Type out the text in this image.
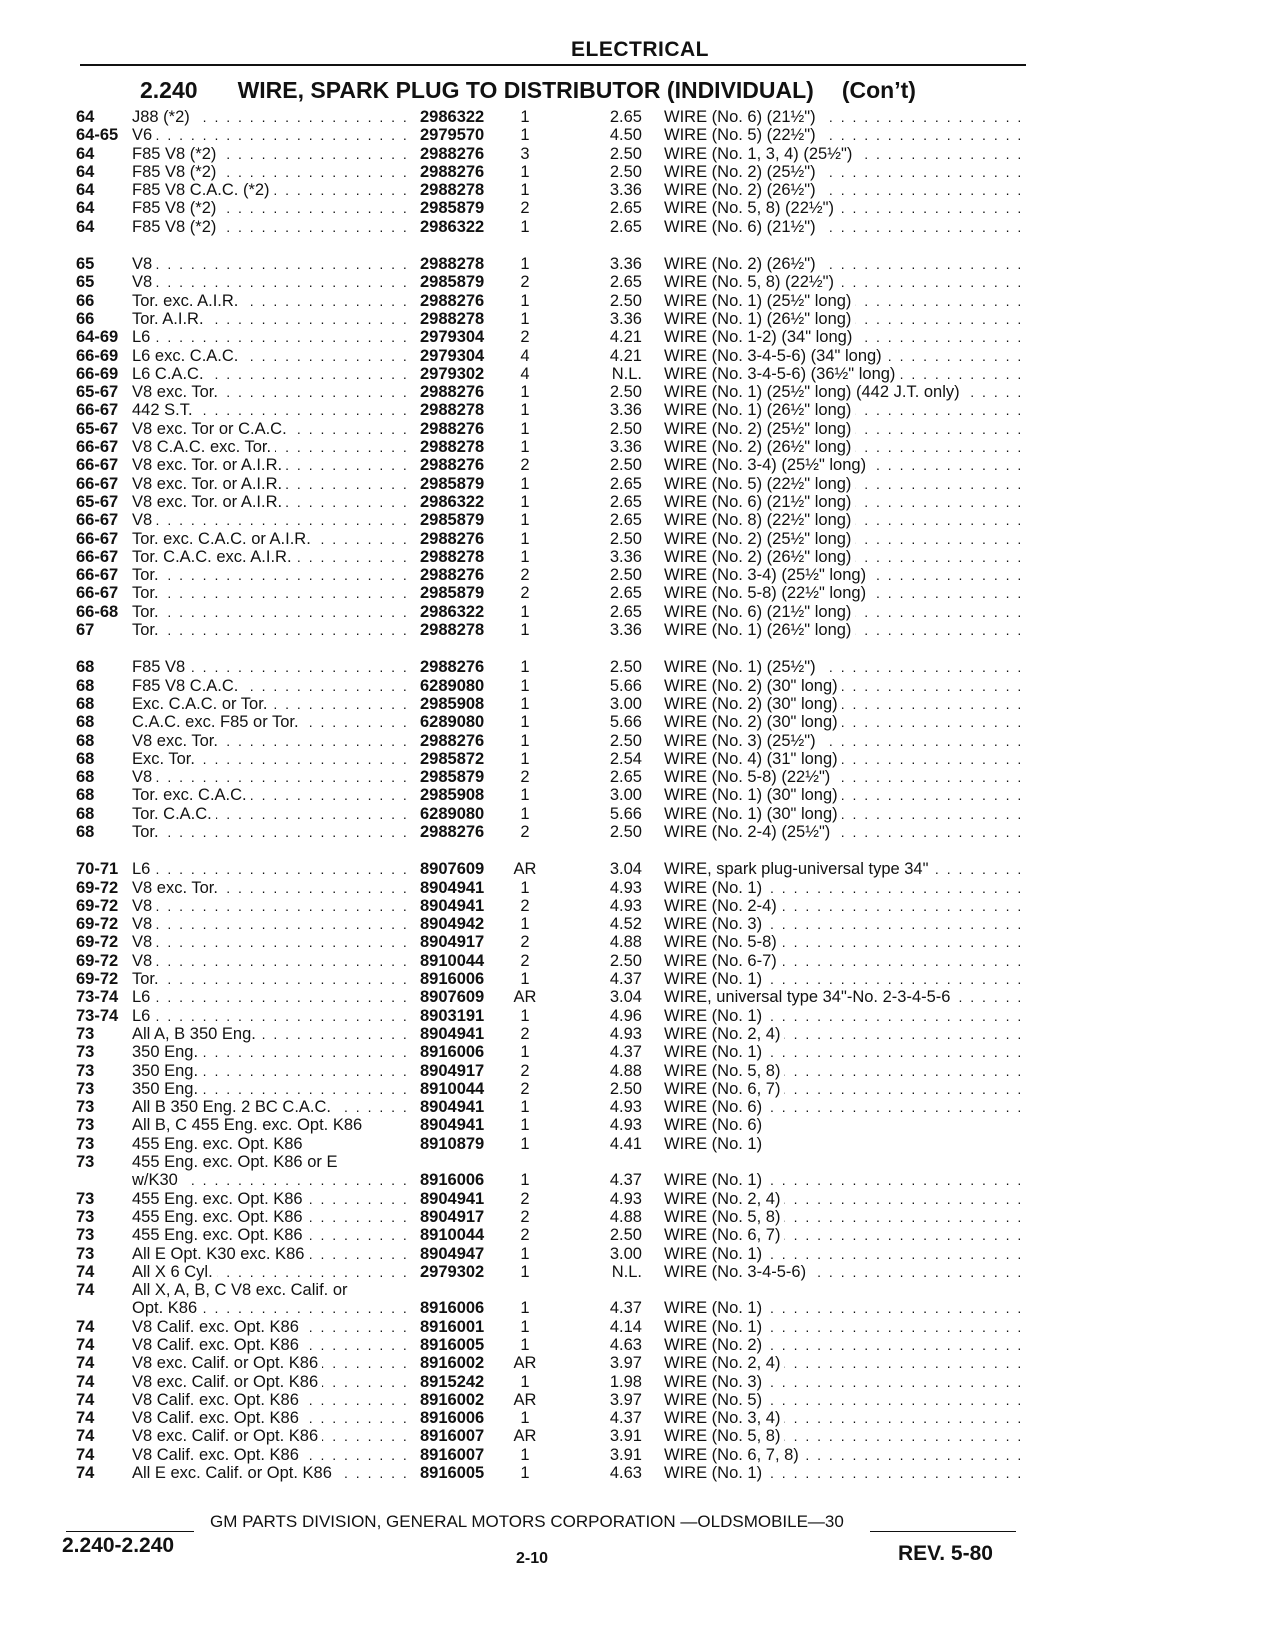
ELECTRICAL
2.240 WIRE, SPARK PLUG TO DISTRIBUTOR (INDIVIDUAL) (Con’t)
64 . . .	J88 (*2)	2986322	1	2.65 . . . WIRE (No. 6) (21½")
64-65 . . . V6	2979570	1	4.50 . . . WIRE (No. 5) (22½")
64 . . .	F85 V8 (*2)	2988276	3	2.50 . . . WIRE (No. 1, 3, 4) (25½")
64 . . .	F85 V8 (*2)	2988276	1	2.50 . . . WIRE (No. 2) (25½")
64 . . .	F85 V8 C.A.C. (*2)	2988278	1	3.36 . . . WIRE (No. 2) (26½")
64 . . .	F85 V8 (*2)	2985879	2	2.65 . . . WIRE (No. 5, 8) (22½")
64 . . .	F85 V8 (*2)	2986322	1	2.65 . . . WIRE (No. 6) (21½")
65 . . .	V8	2988278	1	3.36 . . . WIRE (No. 2) (26½")
65 . . .	V8	2985879	2	2.65 . . . WIRE (No. 5, 8) (22½")
66 . . .	Tor. exc. A.I.R.	2988276	1	2.50 . . . WIRE (No. 1) (25½" long)
66 . . .	Tor. A.I.R.	2988278	1	3.36 . . . WIRE (No. 1) (26½" long)
64-69 . . . L6	2979304	2	4.21 . . . WIRE (No. 1-2) (34" long)
66-69 . . . L6 exc. C.A.C.	2979304	4	4.21 . . . WIRE (No. 3-4-5-6) (34" long)
66-69 . . . L6 C.A.C.	2979302	4	N.L. . . . WIRE (No. 3-4-5-6) (36½" long)
65-67 . . . V8 exc. Tor.	2988276	1	2.50 . . . WIRE (No. 1) (25½" long) (442 J.T. only)
66-67 . . . 442 S.T.	2988278	1	3.36 . . . WIRE (No. 1) (26½" long)
65-67 . . . V8 exc. Tor or C.A.C.	2988276	1	2.50 . . . WIRE (No. 2) (25½" long)
66-67 . . . V8 C.A.C. exc. Tor.	2988278	1	3.36 . . . WIRE (No. 2) (26½" long)
66-67 . . . V8 exc. Tor. or A.I.R.	2988276	2	2.50 . . . WIRE (No. 3-4) (25½" long)
66-67 . . . V8 exc. Tor. or A.I.R.	2985879	1	2.65 . . . WIRE (No. 5) (22½" long)
65-67 . . . V8 exc. Tor. or A.I.R.	2986322	1	2.65 . . . WIRE (No. 6) (21½" long)
66-67 . . . V8	2985879	1	2.65 . . . WIRE (No. 8) (22½" long)
66-67 . . . Tor. exc. C.A.C. or A.I.R.	2988276	1	2.50 . . . WIRE (No. 2) (25½" long)
66-67 . . . Tor. C.A.C. exc. A.I.R.	2988278	1	3.36 . . . WIRE (No. 2) (26½" long)
66-67 . . . Tor.	2988276	2	2.50 . . . WIRE (No. 3-4) (25½" long)
66-67 . . . Tor.	2985879	2	2.65 . . . WIRE (No. 5-8) (22½" long)
66-68 . . . Tor.	2986322	1	2.65 . . . WIRE (No. 6) (21½" long)
67 . . .	Tor.	2988278	1	3.36 . . . WIRE (No. 1) (26½" long)
68 . . .	F85 V8	2988276	1	2.50 . . . WIRE (No. 1) (25½")
68 . . .	F85 V8 C.A.C.	6289080	1	5.66 . . . WIRE (No. 2) (30" long)
68 . . .	Exc. C.A.C. or Tor.	2985908	1	3.00 . . . WIRE (No. 2) (30" long)
68 . . .	C.A.C. exc. F85 or Tor.	6289080	1	5.66 . . . WIRE (No. 2) (30" long)
68 . . .	V8 exc. Tor.	2988276	1	2.50 . . . WIRE (No. 3) (25½")
68 . . .	Exc. Tor.	2985872	1	2.54 . . . WIRE (No. 4) (31" long)
68 . . .	V8	2985879	2	2.65 . . . WIRE (No. 5-8) (22½")
68 . . .	Tor. exc. C.A.C.	2985908	1	3.00 . . . WIRE (No. 1) (30" long)
68 . . .	Tor. C.A.C.	6289080	1	5.66 . . . WIRE (No. 1) (30" long)
68 . . .	Tor.	2988276	2	2.50 . . . WIRE (No. 2-4) (25½")
70-71 . . . L6	8907609	AR	3.04 . . . WIRE, spark plug-universal type 34"
69-72 . . . V8 exc. Tor.	8904941	1	4.93 . . . WIRE (No. 1)
69-72 . . . V8	8904941	2	4.93 . . . WIRE (No. 2-4)
69-72 . . . V8	8904942	1	4.52 . . . WIRE (No. 3)
69-72 . . . V8	8904917	2	4.88 . . . WIRE (No. 5-8)
69-72 . . . V8	8910044	2	2.50 . . . WIRE (No. 6-7)
69-72 . . . Tor.	8916006	1	4.37 . . . WIRE (No. 1)
73-74 . . . L6	8907609	AR	3.04 . . . WIRE, universal type 34"-No. 2-3-4-5-6
73-74 . . . L6	8903191	1	4.96 . . . WIRE (No. 1)
73 . . .	All A, B 350 Eng.	8904941	2	4.93 . . . WIRE (No. 2, 4)
73 . . .	350 Eng.	8916006	1	4.37 . . . WIRE (No. 1)
73 . . .	350 Eng.	8904917	2	4.88 . . . WIRE (No. 5, 8)
73 . . .	350 Eng.	8910044	2	2.50 . . . WIRE (No. 6, 7)
73 . . .	All B 350 Eng. 2 BC C.A.C.	8904941	1	4.93 . . . WIRE (No. 6)
73	All B, C 455 Eng. exc. Opt. K86	8904941	1	4.93 WIRE (No. 6)
73	455 Eng. exc. Opt. K86	8910879	1	4.41 WIRE (No. 1)
73	455 Eng. exc. Opt. K86 or E
. . .
w/K30	8916006	1	4.37 . . . WIRE (No. 1)
73 . . .	455 Eng. exc. Opt. K86	8904941	2	4.93 . . . WIRE (No. 2, 4)
73 . . .	455 Eng. exc. Opt. K86	8904917	2	4.88 . . . WIRE (No. 5, 8)
73 . . .	455 Eng. exc. Opt. K86	8910044	2	2.50 . . . WIRE (No. 6, 7)
73 . . .	All E Opt. K30 exc. K86	8904947	1	3.00 . . . WIRE (No. 1)
74 . . .	All X 6 Cyl.	2979302	1	N.L. . . . WIRE (No. 3-4-5-6)
74	All X, A, B, C V8 exc. Calif. or
. . .
Opt. K86	8916006	1	4.37 . . . WIRE (No. 1)
74 . . .	V8 Calif. exc. Opt. K86	8916001	1	4.14 . . . WIRE (No. 1)
74 . . .	V8 Calif. exc. Opt. K86	8916005	1	4.63 . . . WIRE (No. 2)
74 . . .	V8 exc. Calif. or Opt. K86	8916002	AR	3.97 . . . WIRE (No. 2, 4)
74 . . .	V8 exc. Calif. or Opt. K86	8915242	1	1.98 . . . WIRE (No. 3)
74 . . .	V8 Calif. exc. Opt. K86	8916002	AR	3.97 . . . WIRE (No. 5)
74 . . .	V8 Calif. exc. Opt. K86	8916006	1	4.37 . . . WIRE (No. 3, 4)
74 . . .	V8 exc. Calif. or Opt. K86	8916007	AR	3.91 . . . WIRE (No. 5, 8)
74 . . .	V8 Calif. exc. Opt. K86	8916007	1	3.91 . . . WIRE (No. 6, 7, 8)
74 . . .	All E exc. Calif. or Opt. K86	8916005	1	4.63 . . . WIRE (No. 1)
GM PARTS DIVISION, GENERAL MOTORS CORPORATION —OLDSMOBILE—30
2.240-2.240
2-10	REV. 5-80
